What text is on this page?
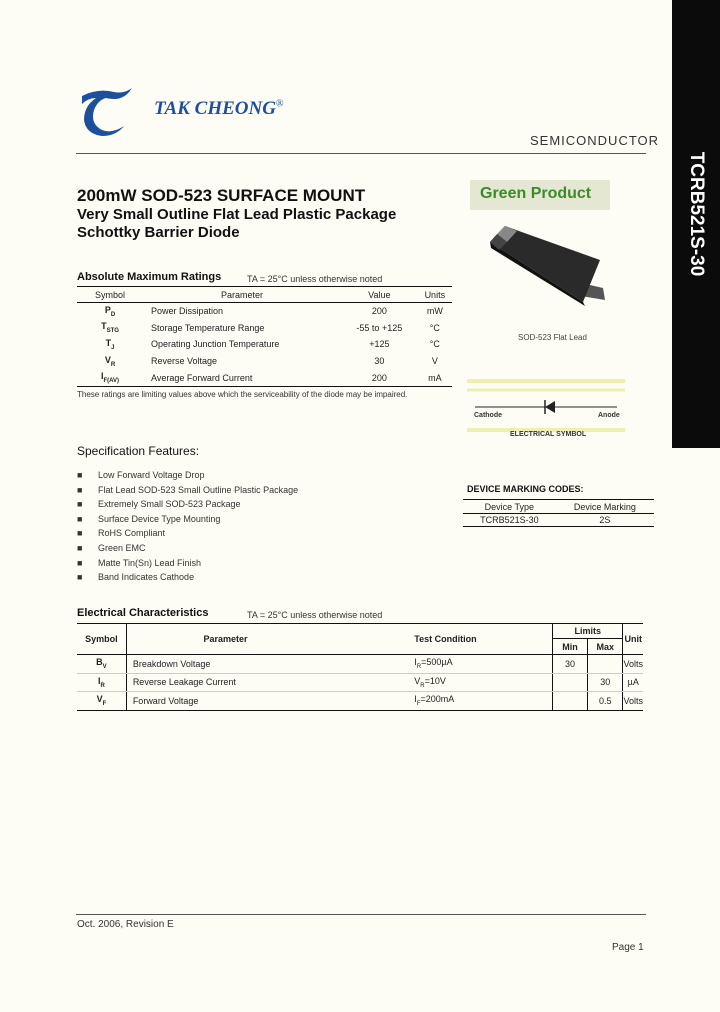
TAK CHEONG®
SEMICONDUCTOR
TCRB521S-30
200mW SOD-523 SURFACE MOUNT
Very Small Outline Flat Lead Plastic Package
Schottky Barrier Diode
Green Product
SOD-523 Flat Lead
Cathode	Anode
ELECTRICAL SYMBOL
Absolute Maximum Ratings	TA = 25°C unless otherwise noted
Symbol	Parameter	Value	Units
$P_D$	Power Dissipation	200	mW
$T_{STG}$	Storage Temperature Range	-55 to +125	°C
$T_J$	Operating Junction Temperature	+125	°C
$V_R$	Reverse Voltage	30	V
$I_{F(AV)}$	Average Forward Current	200	mA
These ratings are limiting values above which the serviceability of the diode may be impaired.
Specification Features:
■ Low Forward Voltage Drop
■ Flat Lead SOD-523 Small Outline Plastic Package
■ Extremely Small SOD-523 Package
■ Surface Device Type Mounting
■ RoHS Compliant
■ Green EMC
■ Matte Tin(Sn) Lead Finish
■ Band Indicates Cathode
DEVICE MARKING CODES:
Device Type	Device Marking
TCRB521S-30	2S
Electrical Characteristics	TA = 25°C unless otherwise noted
Symbol	Parameter	Test Condition	Limits		Unit
			Min	Max	
$B_V$	Breakdown Voltage	$I_R=500\mu A$	30		Volts
$I_R$	Reverse Leakage Current	$V_R=10V$		30	µA
$V_F$	Forward Voltage	$I_F=200mA$		0.5	Volts
Oct. 2006, Revision E
Page 1
